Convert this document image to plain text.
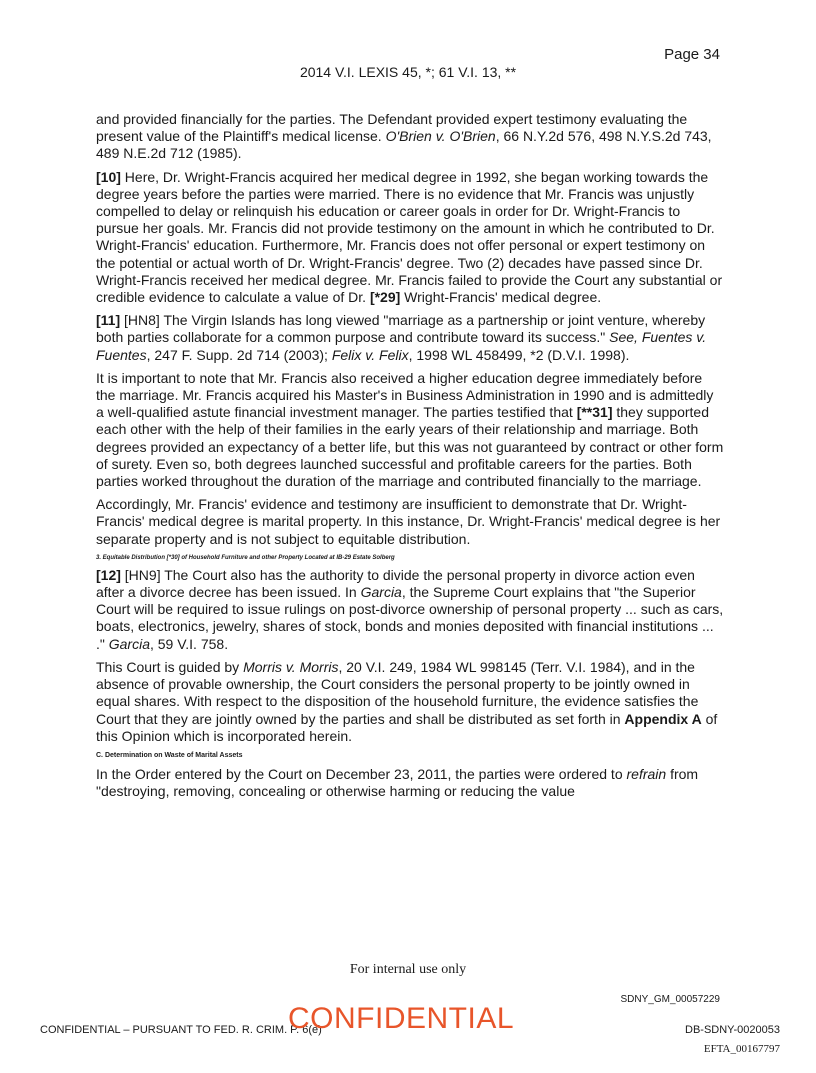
Page 34
2014 V.I. LEXIS 45, *; 61 V.I. 13, **

and provided financially for the parties. The Defendant provided expert testimony evaluating the present value of the Plaintiff's medical license. O'Brien v. O'Brien, 66 N.Y.2d 576, 498 N.Y.S.2d 743, 489 N.E.2d 712 (1985).

[10] Here, Dr. Wright-Francis acquired her medical degree in 1992, she began working towards the degree years before the parties were married. There is no evidence that Mr. Francis was unjustly compelled to delay or relinquish his education or career goals in order for Dr. Wright-Francis to pursue her goals. Mr. Francis did not provide testimony on the amount in which he contributed to Dr. Wright-Francis' education. Furthermore, Mr. Francis does not offer personal or expert testimony on the potential or actual worth of Dr. Wright-Francis' degree. Two (2) decades have passed since Dr. Wright-Francis received her medical degree. Mr. Francis failed to provide the Court any substantial or credible evidence to calculate a value of Dr. [*29] Wright-Francis' medical degree.

[11] [HN8] The Virgin Islands has long viewed "marriage as a partnership or joint venture, whereby both parties collaborate for a common purpose and contribute toward its success." See, Fuentes v. Fuentes, 247 F. Supp. 2d 714 (2003); Felix v. Felix, 1998 WL 458499, *2 (D.V.I. 1998).

It is important to note that Mr. Francis also received a higher education degree immediately before the marriage. Mr. Francis acquired his Master's in Business Administration in 1990 and is admittedly a well-qualified astute financial investment manager. The parties testified that [**31] they supported each other with the help of their families in the early years of their relationship and marriage. Both degrees provided an expectancy of a better life, but this was not guaranteed by contract or other form of surety. Even so, both degrees launched successful and profitable careers for the parties. Both parties worked throughout the duration of the marriage and contributed financially to the marriage.

Accordingly, Mr. Francis' evidence and testimony are insufficient to demonstrate that Dr. Wright-Francis' medical degree is marital property. In this instance, Dr. Wright-Francis' medical degree is her separate property and is not subject to equitable distribution.

3. Equitable Distribution [*30] of Household Furniture and other Property Located at IB-29 Estate Solberg

[12] [HN9] The Court also has the authority to divide the personal property in divorce action even after a divorce decree has been issued. In Garcia, the Supreme Court explains that "the Superior Court will be required to issue rulings on post-divorce ownership of personal property ... such as cars, boats, electronics, jewelry, shares of stock, bonds and monies deposited with financial institutions ... ." Garcia, 59 V.I. 758.

This Court is guided by Morris v. Morris, 20 V.I. 249, 1984 WL 998145 (Terr. V.I. 1984), and in the absence of provable ownership, the Court considers the personal property to be jointly owned in equal shares. With respect to the disposition of the household furniture, the evidence satisfies the Court that they are jointly owned by the parties and shall be distributed as set forth in Appendix A of this Opinion which is incorporated herein.

C. Determination on Waste of Marital Assets

In the Order entered by the Court on December 23, 2011, the parties were ordered to refrain from "destroying, removing, concealing or otherwise harming or reducing the value

For internal use only
SDNY_GM_00057229
CONFIDENTIAL – PURSUANT TO FED. R. CRIM. P. 6(e)
CONFIDENTIAL	DB-SDNY-0020053
EFTA_00167797
